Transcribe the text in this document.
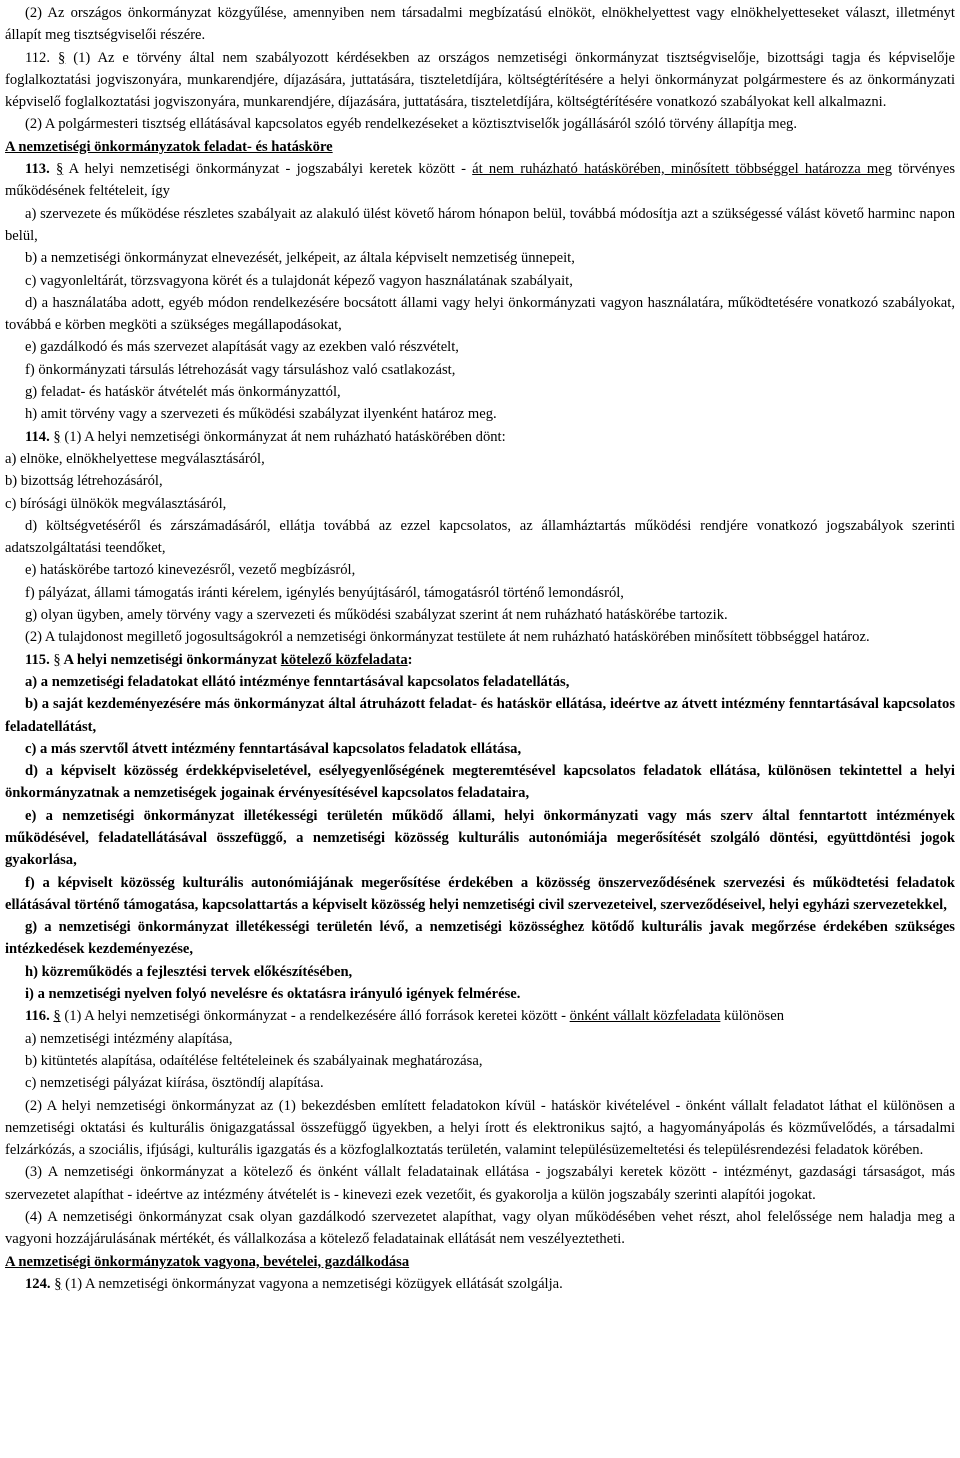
(2) Az országos önkormányzat közgyűlése, amennyiben nem társadalmi megbízatású elnököt, elnökhelyettest vagy elnökhelyetteseket választ, illetményt állapít meg tisztségviselői részére.

112. § (1) Az e törvény által nem szabályozott kérdésekben az országos nemzetiségi önkormányzat tisztségviselője, bizottsági tagja és képviselője foglalkoztatási jogviszonyára, munkarendjére, díjazására, juttatására, tiszteletdíjára, költségtérítésére a helyi önkormányzat polgármestere és az önkormányzati képviselő foglalkoztatási jogviszonyára, munkarendjére, díjazására, juttatására, tiszteletdíjára, költségtérítésére vonatkozó szabályokat kell alkalmazni.

(2) A polgármesteri tisztség ellátásával kapcsolatos egyéb rendelkezéseket a köztisztviselők jogállásáról szóló törvény állapítja meg.

A nemzetiségi önkormányzatok feladat- és hatásköre

113. § A helyi nemzetiségi önkormányzat - jogszabályi keretek között - át nem ruházható hatáskörében, minősített többséggel határozza meg törvényes működésének feltételeit, így

a) szervezete és működése részletes szabályait az alakuló ülést követő három hónapon belül, továbbá módosítja azt a szükségessé válást követő harminc napon belül,

b) a nemzetiségi önkormányzat elnevezését, jelképeit, az általa képviselt nemzetiség ünnepeit,

c) vagyonleltárát, törzsvagyona körét és a tulajdonát képező vagyon használatának szabályait,

d) a használatába adott, egyéb módon rendelkezésére bocsátott állami vagy helyi önkormányzati vagyon használatára, működtetésére vonatkozó szabályokat, továbbá e körben megköti a szükséges megállapodásokat,

e) gazdálkodó és más szervezet alapítását vagy az ezekben való részvételt,

f) önkormányzati társulás létrehozását vagy társuláshoz való csatlakozást,

g) feladat- és hatáskör átvételét más önkormányzattól,

h) amit törvény vagy a szervezeti és működési szabályzat ilyenként határoz meg.

114. § (1) A helyi nemzetiségi önkormányzat át nem ruházható hatáskörében dönt:

a) elnöke, elnökhelyettese megválasztásáról,

b) bizottság létrehozásáról,

c) bírósági ülnökök megválasztásáról,

d) költségvetéséről és zárszámadásáról, ellátja továbbá az ezzel kapcsolatos, az államháztartás működési rendjére vonatkozó jogszabályok szerinti adatszolgáltatási teendőket,

e) hatáskörébe tartozó kinevezésről, vezető megbízásról,

f) pályázat, állami támogatás iránti kérelem, igénylés benyújtásáról, támogatásról történő lemondásról,

g) olyan ügyben, amely törvény vagy a szervezeti és működési szabályzat szerint át nem ruházható hatáskörébe tartozik.

(2) A tulajdonost megillető jogosultságokról a nemzetiségi önkormányzat testülete át nem ruházható hatáskörében minősített többséggel határoz.

115. § A helyi nemzetiségi önkormányzat kötelező közfeladata:

a) a nemzetiségi feladatokat ellátó intézménye fenntartásával kapcsolatos feladatellátás,

b) a saját kezdeményezésére más önkormányzat által átruházott feladat- és hatáskör ellátása, ideértve az átvett intézmény fenntartásával kapcsolatos feladatellátást,

c) a más szervtől átvett intézmény fenntartásával kapcsolatos feladatok ellátása,

d) a képviselt közösség érdekképviseletével, esélyegyenlőségének megteremtésével kapcsolatos feladatok ellátása, különösen tekintettel a helyi önkormányzatnak a nemzetiségek jogainak érvényesítésével kapcsolatos feladataira,

e) a nemzetiségi önkormányzat illetékességi területén működő állami, helyi önkormányzati vagy más szerv által fenntartott intézmények működésével, feladatellátásával összefüggő, a nemzetiségi közösség kulturális autonómiája megerősítését szolgáló döntési, együttdöntési jogok gyakorlása,

f) a képviselt közösség kulturális autonómiájának megerősítése érdekében a közösség önszerveződésének szervezési és működtetési feladatok ellátásával történő támogatása, kapcsolattartás a képviselt közösség helyi nemzetiségi civil szervezeteivel, szerveződéseivel, helyi egyházi szervezetekkel,

g) a nemzetiségi önkormányzat illetékességi területén lévő, a nemzetiségi közösséghez kötődő kulturális javak megőrzése érdekében szükséges intézkedések kezdeményezése,

h) közreműködés a fejlesztési tervek előkészítésében,

i) a nemzetiségi nyelven folyó nevelésre és oktatásra irányuló igények felmérése.

116. § (1) A helyi nemzetiségi önkormányzat - a rendelkezésére álló források keretei között - önként vállalt közfeladata különösen

a) nemzetiségi intézmény alapítása,

b) kitüntetés alapítása, odaítélése feltételeinek és szabályainak meghatározása,

c) nemzetiségi pályázat kiírása, ösztöndíj alapítása.

(2) A helyi nemzetiségi önkormányzat az (1) bekezdésben említett feladatokon kívül - hatáskör kivételével - önként vállalt feladatot láthat el különösen a nemzetiségi oktatási és kulturális önigazgatással összefüggő ügyekben, a helyi írott és elektronikus sajtó, a hagyományápolás és közművelődés, a társadalmi felzárkózás, a szociális, ifjúsági, kulturális igazgatás és a közfoglalkoztatás területén, valamint településüzemeltetési és településrendezési feladatok körében.

(3) A nemzetiségi önkormányzat a kötelező és önként vállalt feladatainak ellátása - jogszabályi keretek között - intézményt, gazdasági társaságot, más szervezetet alapíthat - ideértve az intézmény átvételét is - kinevezi ezek vezetőit, és gyakorolja a külön jogszabály szerinti alapítói jogokat.

(4) A nemzetiségi önkormányzat csak olyan gazdálkodó szervezetet alapíthat, vagy olyan működésében vehet részt, ahol felelőssége nem haladja meg a vagyoni hozzájárulásának mértékét, és vállalkozása a kötelező feladatainak ellátását nem veszélyeztetheti.

A nemzetiségi önkormányzatok vagyona, bevételei, gazdálkodása

124. § (1) A nemzetiségi önkormányzat vagyona a nemzetiségi közügyek ellátását szolgálja.
